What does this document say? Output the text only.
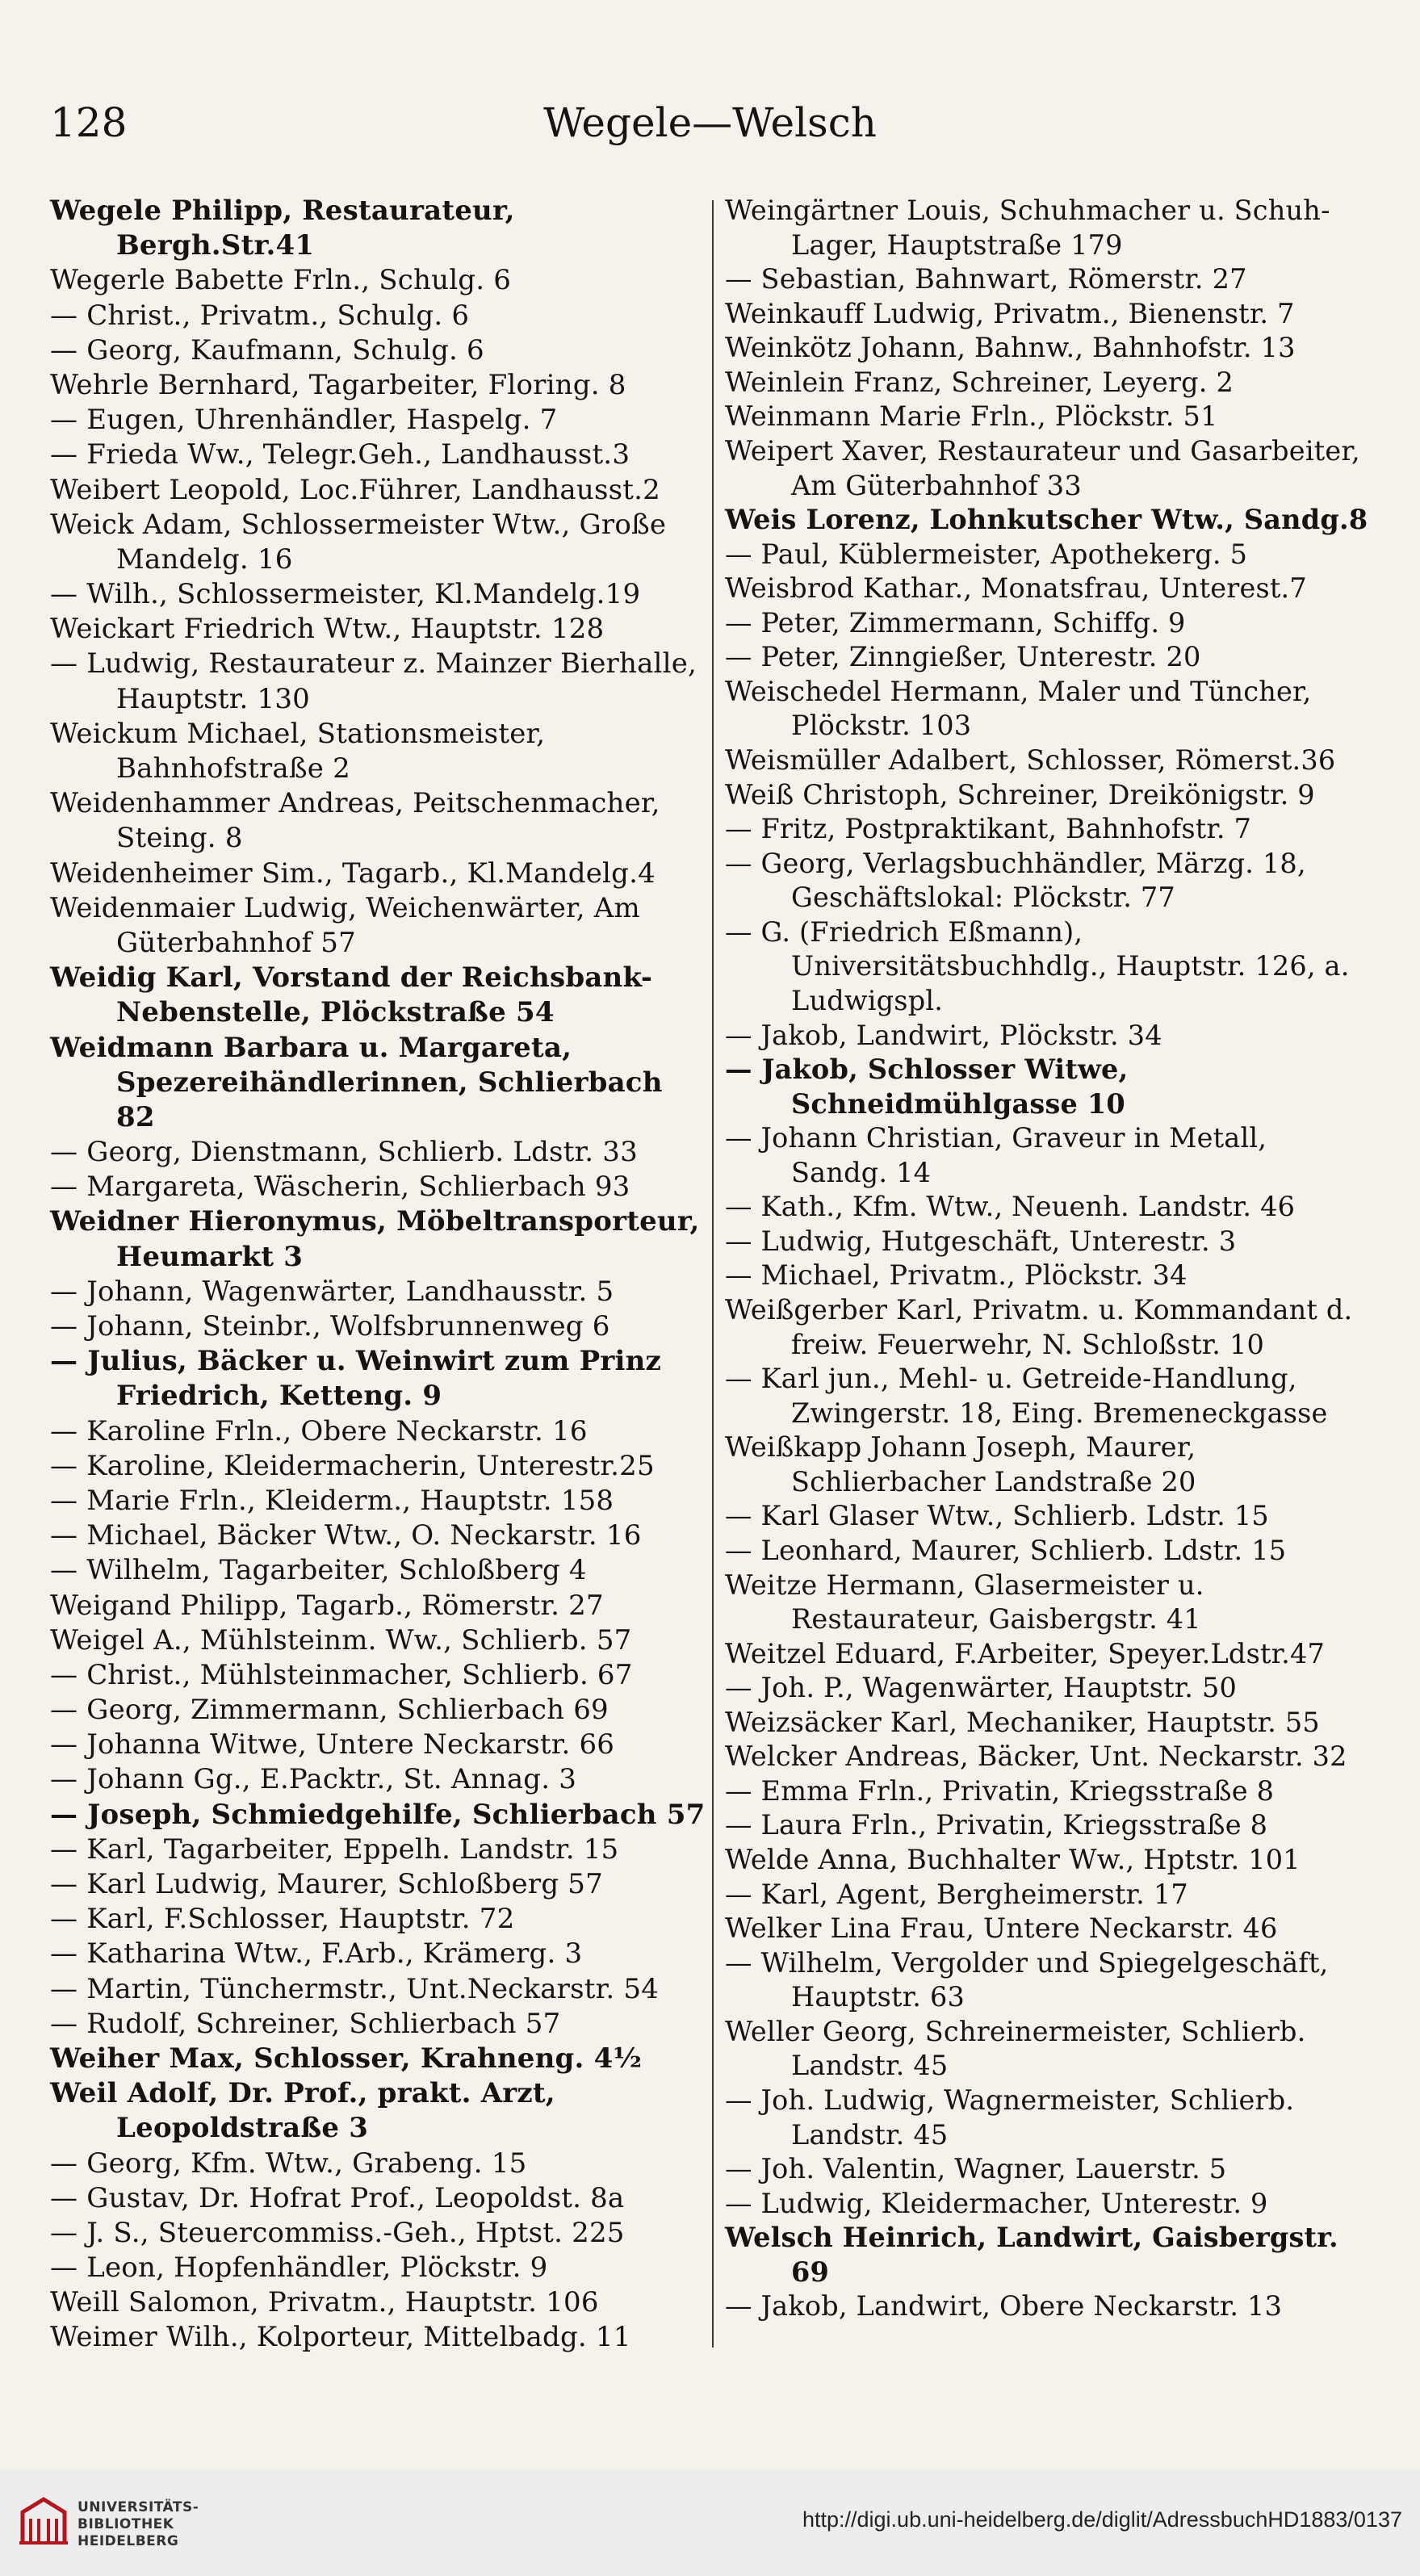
128	Wegele—Welsch

Wegele Philipp, Restaurateur, Bergh.Str.41

Wegerle Babette Frln., Schulg. 6

— Christ., Privatm., Schulg. 6

— Georg, Kaufmann, Schulg. 6

Wehrle Bernhard, Tagarbeiter, Floring. 8

— Eugen, Uhrenhändler, Haspelg. 7

— Frieda Ww., Telegr.Geh., Landhausst.3

Weibert Leopold, Loc.Führer, Landhausst.2

Weick Adam, Schlossermeister Wtw., Große Mandelg. 16

— Wilh., Schlossermeister, Kl.Mandelg.19

Weickart Friedrich Wtw., Hauptstr. 128

— Ludwig, Restaurateur z. Mainzer Bierhalle, Hauptstr. 130

Weickum Michael, Stationsmeister, Bahnhofstraße 2

Weidenhammer Andreas, Peitschenmacher, Steing. 8

Weidenheimer Sim., Tagarb., Kl.Mandelg.4

Weidenmaier Ludwig, Weichenwärter, Am Güterbahnhof 57

Weidig Karl, Vorstand der Reichsbank-Nebenstelle, Plöckstraße 54

Weidmann Barbara u. Margareta, Spezereihändlerinnen, Schlierbach 82

— Georg, Dienstmann, Schlierb. Ldstr. 33

— Margareta, Wäscherin, Schlierbach 93

Weidner Hieronymus, Möbeltransporteur, Heumarkt 3

— Johann, Wagenwärter, Landhausstr. 5

— Johann, Steinbr., Wolfsbrunnenweg 6

— Julius, Bäcker u. Weinwirt zum Prinz Friedrich, Ketteng. 9

— Karoline Frln., Obere Neckarstr. 16

— Karoline, Kleidermacherin, Unterestr.25

— Marie Frln., Kleiderm., Hauptstr. 158

— Michael, Bäcker Wtw., O. Neckarstr. 16

— Wilhelm, Tagarbeiter, Schloßberg 4

Weigand Philipp, Tagarb., Römerstr. 27

Weigel A., Mühlsteinm. Ww., Schlierb. 57

— Christ., Mühlsteinmacher, Schlierb. 67

— Georg, Zimmermann, Schlierbach 69

— Johanna Witwe, Untere Neckarstr. 66

— Johann Gg., E.Packtr., St. Annag. 3

— Joseph, Schmiedgehilfe, Schlierbach 57

— Karl, Tagarbeiter, Eppelh. Landstr. 15

— Karl Ludwig, Maurer, Schloßberg 57

— Karl, F.Schlosser, Hauptstr. 72

— Katharina Wtw., F.Arb., Krämerg. 3

— Martin, Tünchermstr., Unt.Neckarstr. 54

— Rudolf, Schreiner, Schlierbach 57

Weiher Max, Schlosser, Krahneng. 4½

Weil Adolf, Dr. Prof., prakt. Arzt, Leopoldstraße 3

— Georg, Kfm. Wtw., Grabeng. 15

— Gustav, Dr. Hofrat Prof., Leopoldst. 8a

— J. S., Steuercommiss.-Geh., Hptst. 225

— Leon, Hopfenhändler, Plöckstr. 9

Weill Salomon, Privatm., Hauptstr. 106

Weimer Wilh., Kolporteur, Mittelbadg. 11

Weingärtner Louis, Schuhmacher u. Schuh-Lager, Hauptstraße 179

— Sebastian, Bahnwart, Römerstr. 27

Weinkauff Ludwig, Privatm., Bienenstr. 7

Weinkötz Johann, Bahnw., Bahnhofstr. 13

Weinlein Franz, Schreiner, Leyerg. 2

Weinmann Marie Frln., Plöckstr. 51

Weipert Xaver, Restaurateur und Gasarbeiter, Am Güterbahnhof 33

Weis Lorenz, Lohnkutscher Wtw., Sandg.8

— Paul, Küblermeister, Apothekerg. 5

Weisbrod Kathar., Monatsfrau, Unterest.7

— Peter, Zimmermann, Schiffg. 9

— Peter, Zinngießer, Unterestr. 20

Weischedel Hermann, Maler und Tüncher, Plöckstr. 103

Weismüller Adalbert, Schlosser, Römerst.36

Weiß Christoph, Schreiner, Dreikönigstr. 9

— Fritz, Postpraktikant, Bahnhofstr. 7

— Georg, Verlagsbuchhändler, Märzg. 18, Geschäftslokal: Plöckstr. 77

— G. (Friedrich Eßmann), Universitätsbuchhdlg., Hauptstr. 126, a. Ludwigspl.

— Jakob, Landwirt, Plöckstr. 34

— Jakob, Schlosser Witwe, Schneidmühlgasse 10

— Johann Christian, Graveur in Metall, Sandg. 14

— Kath., Kfm. Wtw., Neuenh. Landstr. 46

— Ludwig, Hutgeschäft, Unterestr. 3

— Michael, Privatm., Plöckstr. 34

Weißgerber Karl, Privatm. u. Kommandant d. freiw. Feuerwehr, N. Schloßstr. 10

— Karl jun., Mehl- u. Getreide-Handlung, Zwingerstr. 18, Eing. Bremeneckgasse

Weißkapp Johann Joseph, Maurer, Schlierbacher Landstraße 20

— Karl Glaser Wtw., Schlierb. Ldstr. 15

— Leonhard, Maurer, Schlierb. Ldstr. 15

Weitze Hermann, Glasermeister u. Restaurateur, Gaisbergstr. 41

Weitzel Eduard, F.Arbeiter, Speyer.Ldstr.47

— Joh. P., Wagenwärter, Hauptstr. 50

Weizsäcker Karl, Mechaniker, Hauptstr. 55

Welcker Andreas, Bäcker, Unt. Neckarstr. 32

— Emma Frln., Privatin, Kriegsstraße 8

— Laura Frln., Privatin, Kriegsstraße 8

Welde Anna, Buchhalter Ww., Hptstr. 101

— Karl, Agent, Bergheimerstr. 17

Welker Lina Frau, Untere Neckarstr. 46

— Wilhelm, Vergolder und Spiegelgeschäft, Hauptstr. 63

Weller Georg, Schreinermeister, Schlierb. Landstr. 45

— Joh. Ludwig, Wagnermeister, Schlierb. Landstr. 45

— Joh. Valentin, Wagner, Lauerstr. 5

— Ludwig, Kleidermacher, Unterestr. 9

Welsch Heinrich, Landwirt, Gaisbergstr. 69

— Jakob, Landwirt, Obere Neckarstr. 13

UNIVERSITÄTS-
BIBLIOTHEK
HEIDELBERG
http://digi.ub.uni-heidelberg.de/diglit/AdressbuchHD1883/0137
